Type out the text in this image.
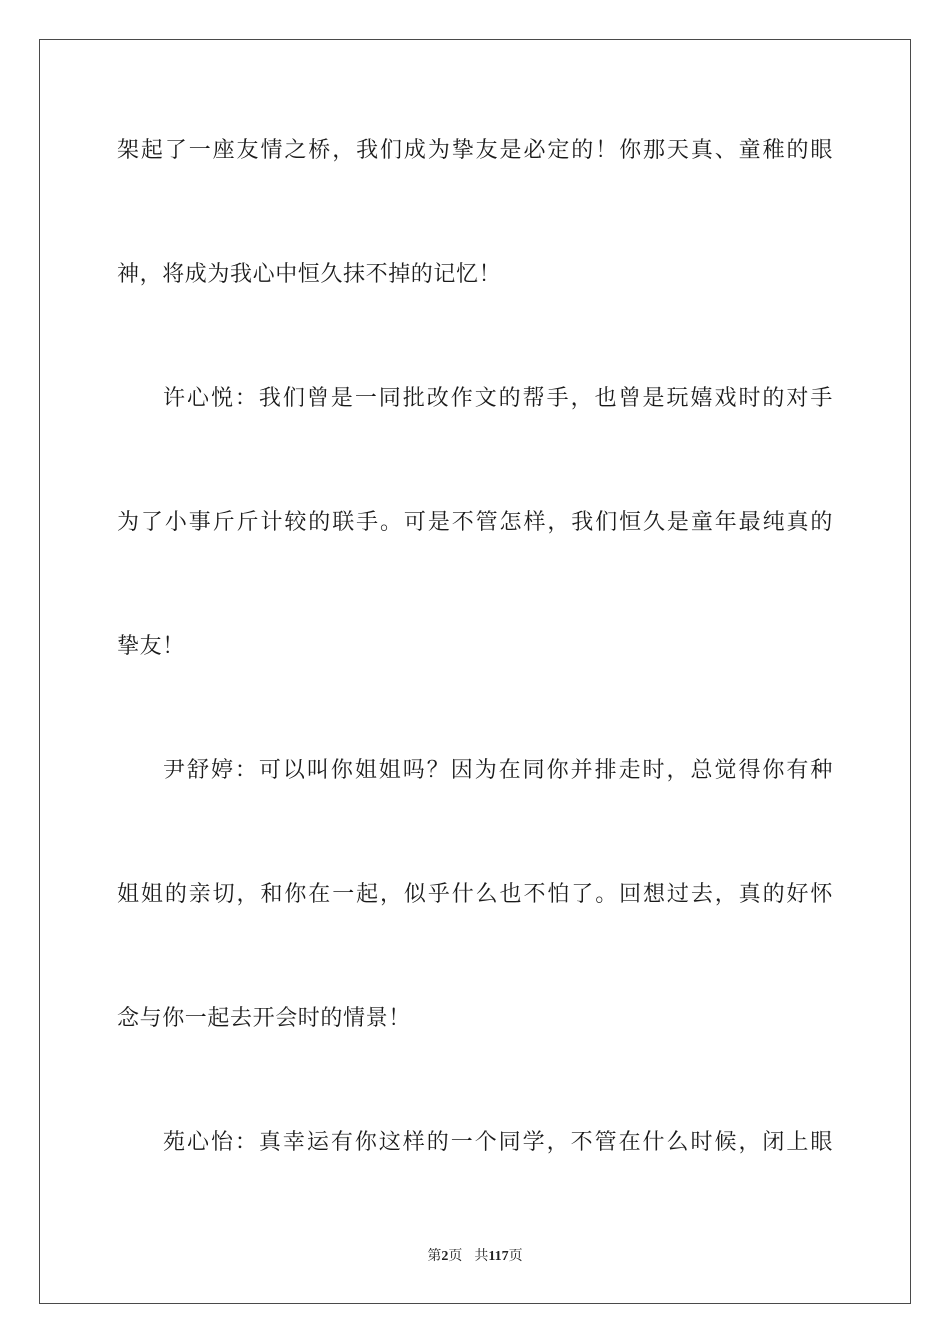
架起了一座友情之桥，我们成为挚友是必定的！你那天真、童稚的眼
神，将成为我心中恒久抹不掉的记忆！
许心悦：我们曾是一同批改作文的帮手，也曾是玩嬉戏时的对手
为了小事斤斤计较的联手。可是不管怎样，我们恒久是童年最纯真的
挚友！
尹舒婷：可以叫你姐姐吗？因为在同你并排走时，总觉得你有种
姐姐的亲切，和你在一起，似乎什么也不怕了。回想过去，真的好怀
念与你一起去开会时的情景！
苑心怡：真幸运有你这样的一个同学，不管在什么时候，闭上眼
第2页 共117页
